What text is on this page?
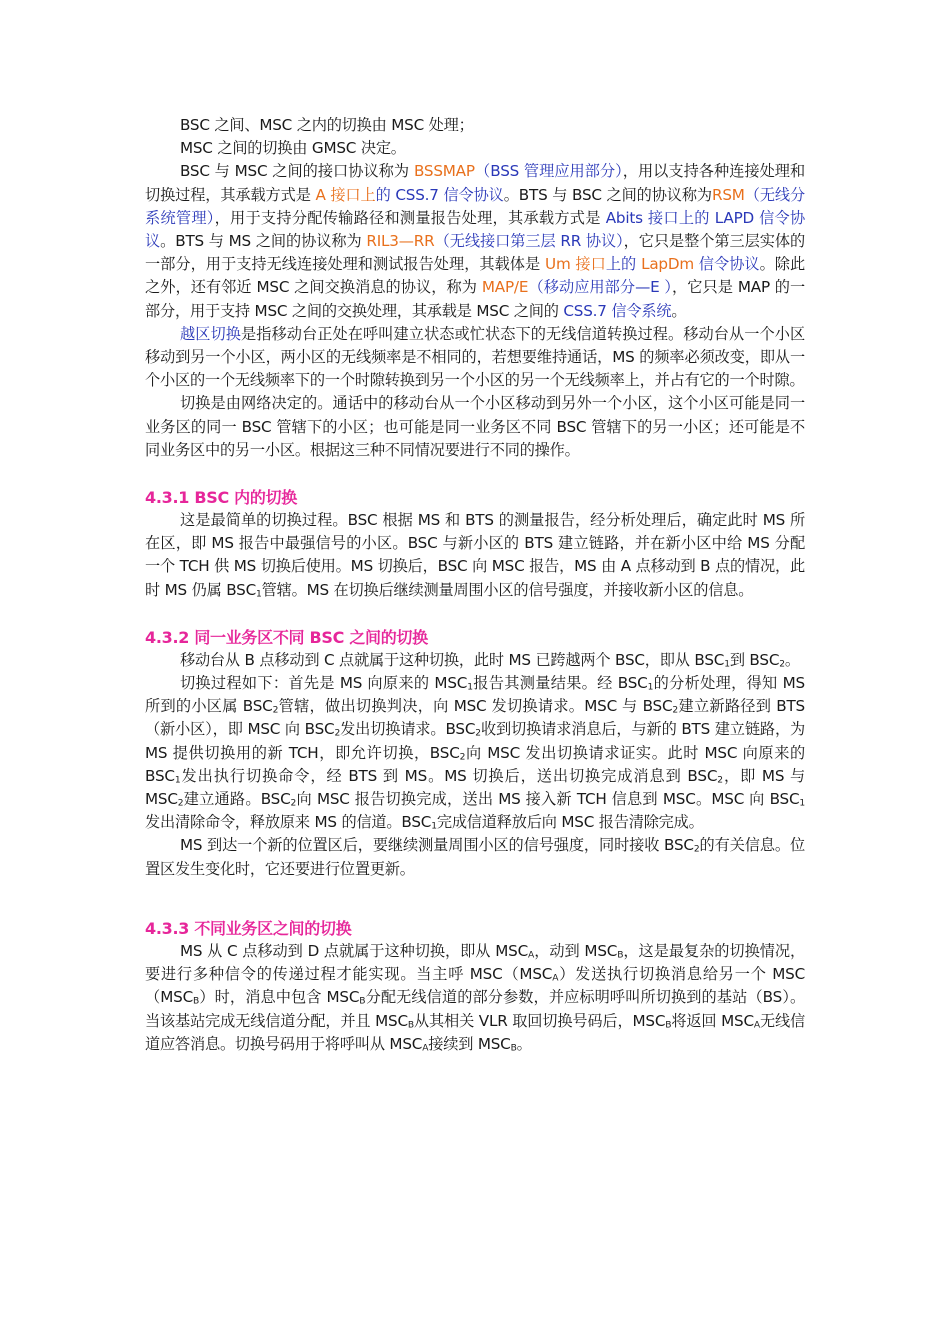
BSC 之间、MSC 之内的切换由 MSC 处理；

MSC 之间的切换由 GMSC 决定。

BSC 与 MSC 之间的接口协议称为 BSSMAP（BSS 管理应用部分），用以支持各种连接处理和切换过程，其承载方式是 A 接口上的 CSS.7 信令协议。BTS 与 BSC 之间的协议称为RSM（无线分系统管理），用于支持分配传输路径和测量报告处理，其承载方式是 Abits 接口上的 LAPD 信令协议。BTS 与 MS 之间的协议称为 RIL3—RR（无线接口第三层 RR 协议），它只是整个第三层实体的一部分，用于支持无线连接处理和测试报告处理，其载体是 Um 接口上的 LapDm 信令协议。除此之外，还有邻近 MSC 之间交换消息的协议，称为 MAP/E（移动应用部分—E ），它只是 MAP 的一部分，用于支持 MSC 之间的交换处理，其承载是 MSC 之间的 CSS.7 信令系统。

越区切换是指移动台正处在呼叫建立状态或忙状态下的无线信道转换过程。移动台从一个小区移动到另一个小区，两小区的无线频率是不相同的，若想要维持通话，MS 的频率必须改变，即从一个小区的一个无线频率下的一个时隙转换到另一个小区的另一个无线频率上，并占有它的一个时隙。

切换是由网络决定的。通话中的移动台从一个小区移动到另外一个小区，这个小区可能是同一业务区的同一 BSC 管辖下的小区；也可能是同一业务区不同 BSC 管辖下的另一小区；还可能是不同业务区中的另一小区。根据这三种不同情况要进行不同的操作。

4.3.1 BSC 内的切换

这是最简单的切换过程。BSC 根据 MS 和 BTS 的测量报告，经分析处理后，确定此时 MS 所在区，即 MS 报告中最强信号的小区。BSC 与新小区的 BTS 建立链路，并在新小区中给 MS 分配一个 TCH 供 MS 切换后使用。MS 切换后，BSC 向 MSC 报告，MS 由 A 点移动到 B 点的情况，此时 MS 仍属 $BSC_1$管辖。MS 在切换后继续测量周围小区的信号强度，并接收新小区的信息。

4.3.2 同一业务区不同 BSC 之间的切换

移动台从 B 点移动到 C 点就属于这种切换，此时 MS 已跨越两个 BSC，即从 $BSC_1$到 $BSC_2$。

切换过程如下：首先是 MS 向原来的 $MSC_1$报告其测量结果。经 $BSC_1$的分析处理，得知 MS 所到的小区属 $BSC_2$管辖，做出切换判决，向 MSC 发切换请求。MSC 与 $BSC_2$建立新路径到 BTS（新小区），即 MSC 向 $BSC_2$发出切换请求。$BSC_2$收到切换请求消息后，与新的 BTS 建立链路，为 MS 提供切换用的新 TCH，即允许切换，$BSC_2$向 MSC 发出切换请求证实。此时 MSC 向原来的 $BSC_1$发出执行切换命令，经 BTS 到 MS。MS 切换后，送出切换完成消息到 $BSC_2$，即 MS 与 $MSC_2$建立通路。$BSC_2$向 MSC 报告切换完成，送出 MS 接入新 TCH 信息到 MSC。MSC 向 $BSC_1$发出清除命令，释放原来 MS 的信道。$BSC_1$完成信道释放后向 MSC 报告清除完成。

MS 到达一个新的位置区后，要继续测量周围小区的信号强度，同时接收 $BSC_2$的有关信息。位置区发生变化时，它还要进行位置更新。

4.3.3 不同业务区之间的切换

MS 从 C 点移动到 D 点就属于这种切换，即从 $MSC_A$，动到 $MSC_B$，这是最复杂的切换情况，要进行多种信令的传递过程才能实现。当主呼 $MSC(MSC_A)$发送执行切换消息给另一个 $MSC(MSC_B)$时，消息中包含 $MSC_B$分配无线信道的部分参数，并应标明呼叫所切换到的基站（BS）。当该基站完成无线信道分配，并且 $MSC_B$从其相关 VLR 取回切换号码后，$MSC_B$将返回 $MSC_A$无线信道应答消息。切换号码用于将呼叫从 $MSC_A$接续到 $MSC_B$。
